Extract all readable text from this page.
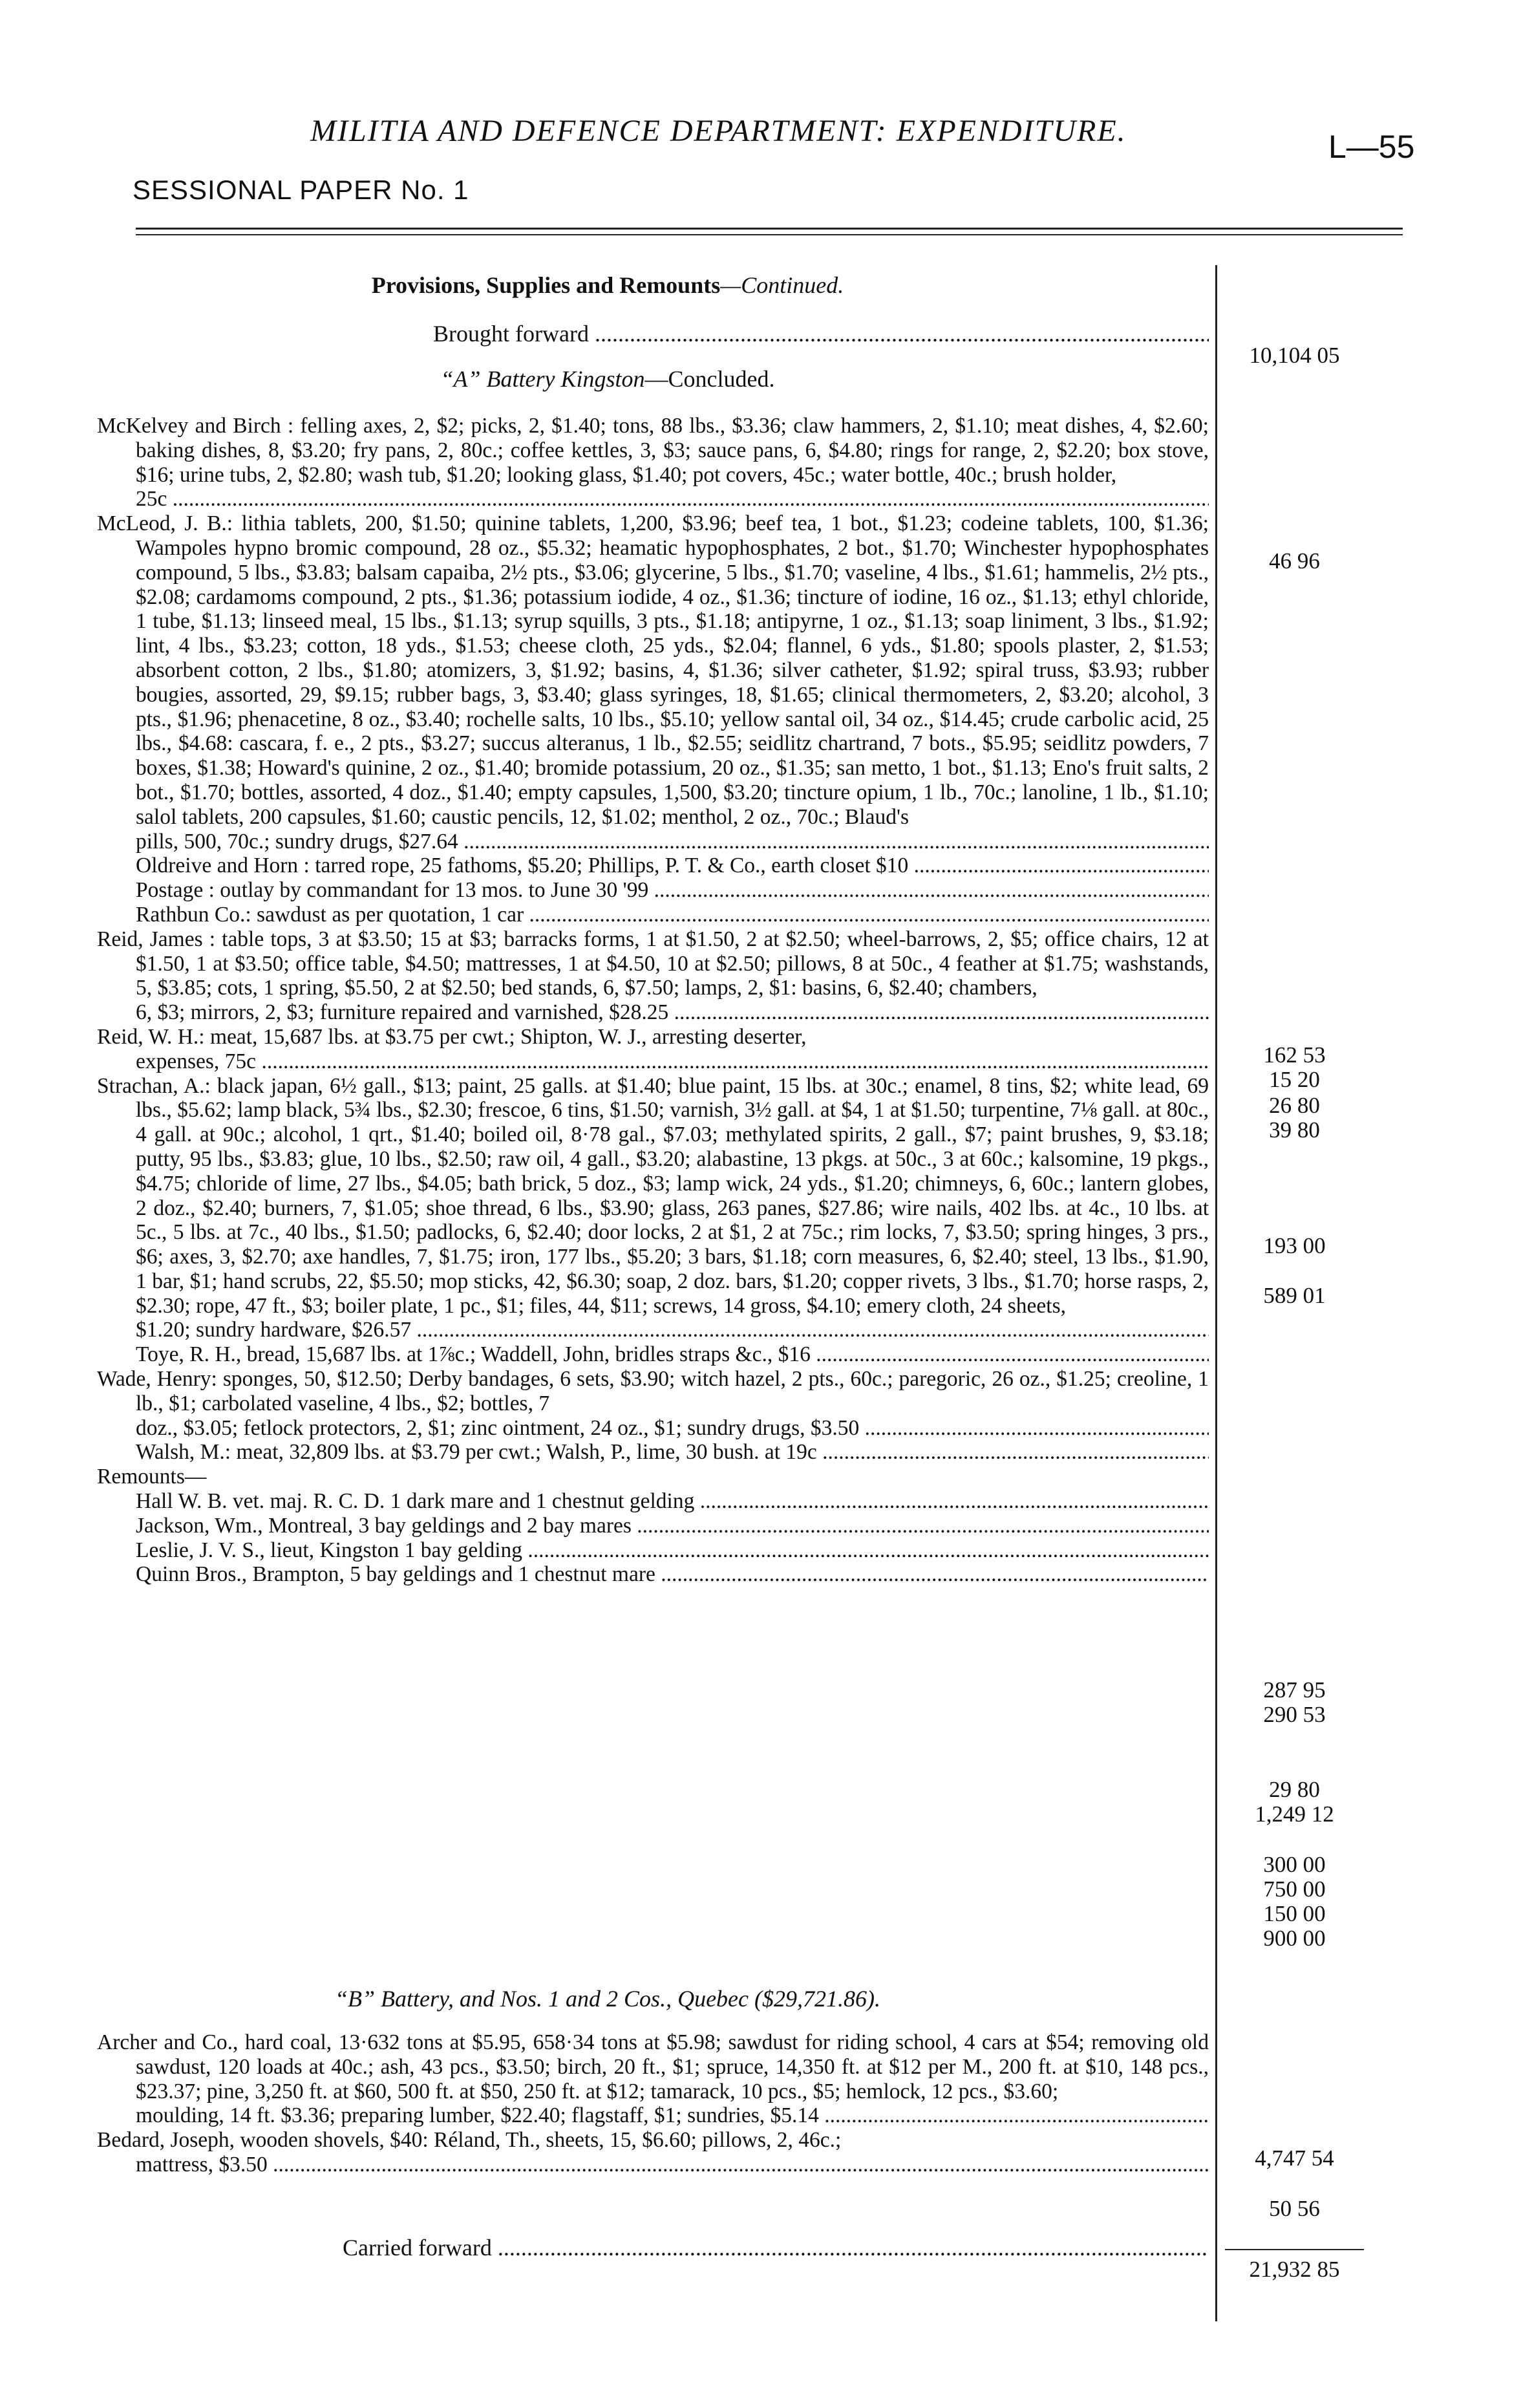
MILITIA AND DEFENCE DEPARTMENT: EXPENDITURE.	L—55
SESSIONAL PAPER No. 1
Provisions, Supplies and Remounts—Continued.
Brought forward .....
10,104 05
“A” Battery Kingston—Concluded.
McKelvey and Birch : felling axes, 2, $2; picks, 2, $1.40; tons, 88 lbs., $3.36; claw hammers, 2, $1.10; meat dishes, 4, $2.60; baking dishes, 8, $3.20; fry pans, 2, 80c.; coffee kettles, 3, $3; sauce pans, 6, $4.80; rings for range, 2, $2.20; box stove, $16; urine tubs, 2, $2.80; wash tub, $1.20; looking glass, $1.40; pot covers, 45c.; water bottle, 40c.; brush holder,
25c .....
McLeod, J. B.: lithia tablets, 200, $1.50; quinine tablets, 1,200, $3.96; beef tea, 1 bot., $1.23; codeine tablets, 100, $1.36; Wampoles hypno bromic compound, 28 oz., $5.32; heamatic hypophosphates, 2 bot., $1.70; Winchester hypophosphates compound, 5 lbs., $3.83; balsam capaiba, 2½ pts., $3.06; glycerine, 5 lbs., $1.70; vaseline, 4 lbs., $1.61; hammelis, 2½ pts., $2.08; cardamoms compound, 2 pts., $1.36; potassium iodide, 4 oz., $1.36; tincture of iodine, 16 oz., $1.13; ethyl chloride, 1 tube, $1.13; linseed meal, 15 lbs., $1.13; syrup squills, 3 pts., $1.18; antipyrne, 1 oz., $1.13; soap liniment, 3 lbs., $1.92; lint, 4 lbs., $3.23; cotton, 18 yds., $1.53; cheese cloth, 25 yds., $2.04; flannel, 6 yds., $1.80; spools plaster, 2, $1.53; absorbent cotton, 2 lbs., $1.80; atomizers, 3, $1.92; basins, 4, $1.36; silver catheter, $1.92; spiral truss, $3.93; rubber bougies, assorted, 29, $9.15; rubber bags, 3, $3.40; glass syringes, 18, $1.65; clinical thermometers, 2, $3.20; alcohol, 3 pts., $1.96; phenacetine, 8 oz., $3.40; rochelle salts, 10 lbs., $5.10; yellow santal oil, 34 oz., $14.45; crude carbolic acid, 25 lbs., $4.68: cascara, f. e., 2 pts., $3.27; succus alteranus, 1 lb., $2.55; seidlitz chartrand, 7 bots., $5.95; seidlitz powders, 7 boxes, $1.38; Howard's quinine, 2 oz., $1.40; bromide potassium, 20 oz., $1.35; san metto, 1 bot., $1.13; Eno's fruit salts, 2 bot., $1.70; bottles, assorted, 4 doz., $1.40; empty capsules, 1,500, $3.20; tincture opium, 1 lb., 70c.; lanoline, 1 lb., $1.10; salol tablets, 200 capsules, $1.60; caustic pencils, 12, $1.02; menthol, 2 oz., 70c.; Blaud's
pills, 500, 70c.; sundry drugs, $27.64 .....
Oldreive and Horn : tarred rope, 25 fathoms, $5.20; Phillips, P. T. & Co., earth closet $10 .....
Postage : outlay by commandant for 13 mos. to June 30 '99 .....
Rathbun Co.: sawdust as per quotation, 1 car .....
Reid, James : table tops, 3 at $3.50; 15 at $3; barracks forms, 1 at $1.50, 2 at $2.50; wheel-barrows, 2, $5; office chairs, 12 at $1.50, 1 at $3.50; office table, $4.50; mattresses, 1 at $4.50, 10 at $2.50; pillows, 8 at 50c., 4 feather at $1.75; washstands, 5, $3.85; cots, 1 spring, $5.50, 2 at $2.50; bed stands, 6, $7.50; lamps, 2, $1: basins, 6, $2.40; chambers,
6, $3; mirrors, 2, $3; furniture repaired and varnished, $28.25 .....
Reid, W. H.: meat, 15,687 lbs. at $3.75 per cwt.; Shipton, W. J., arresting deserter,
expenses, 75c .....
Strachan, A.: black japan, 6½ gall., $13; paint, 25 galls. at $1.40; blue paint, 15 lbs. at 30c.; enamel, 8 tins, $2; white lead, 69 lbs., $5.62; lamp black, 5¾ lbs., $2.30; frescoe, 6 tins, $1.50; varnish, 3½ gall. at $4, 1 at $1.50; turpentine, 7⅛ gall. at 80c., 4 gall. at 90c.; alcohol, 1 qrt., $1.40; boiled oil, 8·78 gal., $7.03; methylated spirits, 2 gall., $7; paint brushes, 9, $3.18; putty, 95 lbs., $3.83; glue, 10 lbs., $2.50; raw oil, 4 gall., $3.20; alabastine, 13 pkgs. at 50c., 3 at 60c.; kalsomine, 19 pkgs., $4.75; chloride of lime, 27 lbs., $4.05; bath brick, 5 doz., $3; lamp wick, 24 yds., $1.20; chimneys, 6, 60c.; lantern globes, 2 doz., $2.40; burners, 7, $1.05; shoe thread, 6 lbs., $3.90; glass, 263 panes, $27.86; wire nails, 402 lbs. at 4c., 10 lbs. at 5c., 5 lbs. at 7c., 40 lbs., $1.50; padlocks, 6, $2.40; door locks, 2 at $1, 2 at 75c.; rim locks, 7, $3.50; spring hinges, 3 prs., $6; axes, 3, $2.70; axe handles, 7, $1.75; iron, 177 lbs., $5.20; 3 bars, $1.18; corn measures, 6, $2.40; steel, 13 lbs., $1.90, 1 bar, $1; hand scrubs, 22, $5.50; mop sticks, 42, $6.30; soap, 2 doz. bars, $1.20; copper rivets, 3 lbs., $1.70; horse rasps, 2, $2.30; rope, 47 ft., $3; boiler plate, 1 pc., $1; files, 44, $11; screws, 14 gross, $4.10; emery cloth, 24 sheets,
$1.20; sundry hardware, $26.57 .....
Toye, R. H., bread, 15,687 lbs. at 1⅞c.; Waddell, John, bridles straps &c., $16 .....
Wade, Henry: sponges, 50, $12.50; Derby bandages, 6 sets, $3.90; witch hazel, 2 pts., 60c.; paregoric, 26 oz., $1.25; creoline, 1 lb., $1; carbolated vaseline, 4 lbs., $2; bottles, 7
doz., $3.05; fetlock protectors, 2, $1; zinc ointment, 24 oz., $1; sundry drugs, $3.50 .....
Walsh, M.: meat, 32,809 lbs. at $3.79 per cwt.; Walsh, P., lime, 30 bush. at 19c .....
Remounts—
Hall W. B. vet. maj. R. C. D. 1 dark mare and 1 chestnut gelding .....
Jackson, Wm., Montreal, 3 bay geldings and 2 bay mares .....
Leslie, J. V. S., lieut, Kingston 1 bay gelding .....
Quinn Bros., Brampton, 5 bay geldings and 1 chestnut mare .....
46 96
162 53
15 20
26 80
39 80
193 00
589 01
287 95
290 53
29 80
1,249 12
300 00
750 00
150 00
900 00
“B” Battery, and Nos. 1 and 2 Cos., Quebec ($29,721.86).
Archer and Co., hard coal, 13·632 tons at $5.95, 658·34 tons at $5.98; sawdust for riding school, 4 cars at $54; removing old sawdust, 120 loads at 40c.; ash, 43 pcs., $3.50; birch, 20 ft., $1; spruce, 14,350 ft. at $12 per M., 200 ft. at $10, 148 pcs., $23.37; pine, 3,250 ft. at $60, 500 ft. at $50, 250 ft. at $12; tamarack, 10 pcs., $5; hemlock, 12 pcs., $3.60;
moulding, 14 ft. $3.36; preparing lumber, $22.40; flagstaff, $1; sundries, $5.14 .....
Bedard, Joseph, wooden shovels, $40: Réland, Th., sheets, 15, $6.60; pillows, 2, 46c.;
mattress, $3.50 .....	4,747 54
50 56
Carried forward .....
21,932 85
